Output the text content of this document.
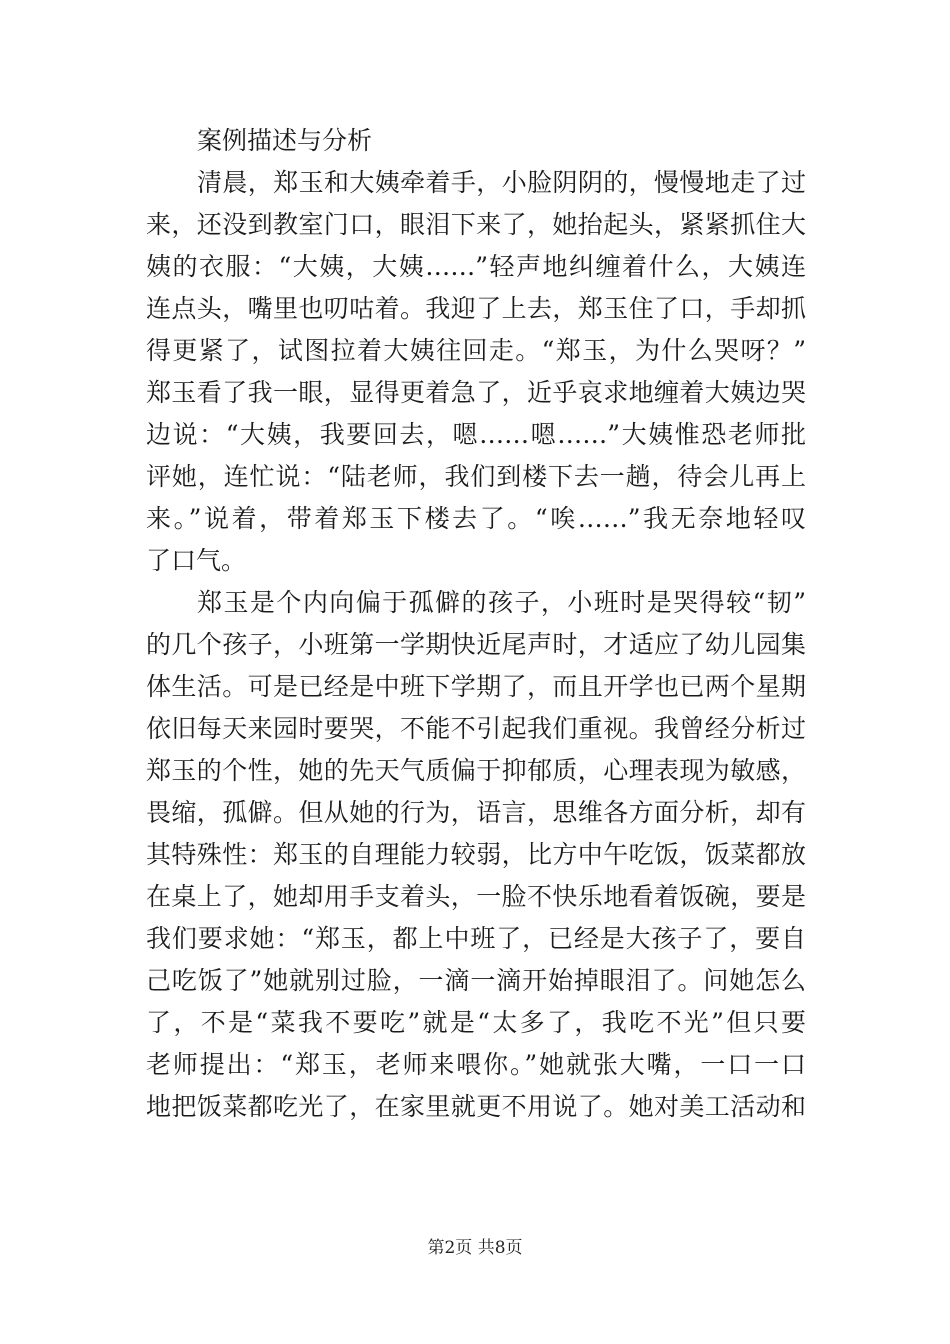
案例描述与分析
清晨，郑玉和大姨牵着手，小脸阴阴的，慢慢地走了过
来，还没到教室门口，眼泪下来了，她抬起头，紧紧抓住大
姨的衣服：“大姨，大姨……”轻声地纠缠着什么，大姨连
连点头，嘴里也叨咕着。我迎了上去，郑玉住了口，手却抓
得更紧了，试图拉着大姨往回走。“郑玉，为什么哭呀？”
郑玉看了我一眼，显得更着急了，近乎哀求地缠着大姨边哭
边说：“大姨，我要回去，嗯……嗯……”大姨惟恐老师批
评她，连忙说：“陆老师，我们到楼下去一趟，待会儿再上
来。”说着，带着郑玉下楼去了。“唉……”我无奈地轻叹
了口气。
郑玉是个内向偏于孤僻的孩子，小班时是哭得较“韧”
的几个孩子，小班第一学期快近尾声时，才适应了幼儿园集
体生活。可是已经是中班下学期了，而且开学也已两个星期
依旧每天来园时要哭，不能不引起我们重视。我曾经分析过
郑玉的个性，她的先天气质偏于抑郁质，心理表现为敏感，
畏缩，孤僻。但从她的行为，语言，思维各方面分析，却有
其特殊性：郑玉的自理能力较弱，比方中午吃饭，饭菜都放
在桌上了，她却用手支着头，一脸不快乐地看着饭碗，要是
我们要求她：“郑玉，都上中班了，已经是大孩子了，要自
己吃饭了”她就别过脸，一滴一滴开始掉眼泪了。问她怎么
了，不是“菜我不要吃”就是“太多了，我吃不光”但只要
老师提出：“郑玉，老师来喂你。”她就张大嘴，一口一口
地把饭菜都吃光了，在家里就更不用说了。她对美工活动和
第2页 共8页
